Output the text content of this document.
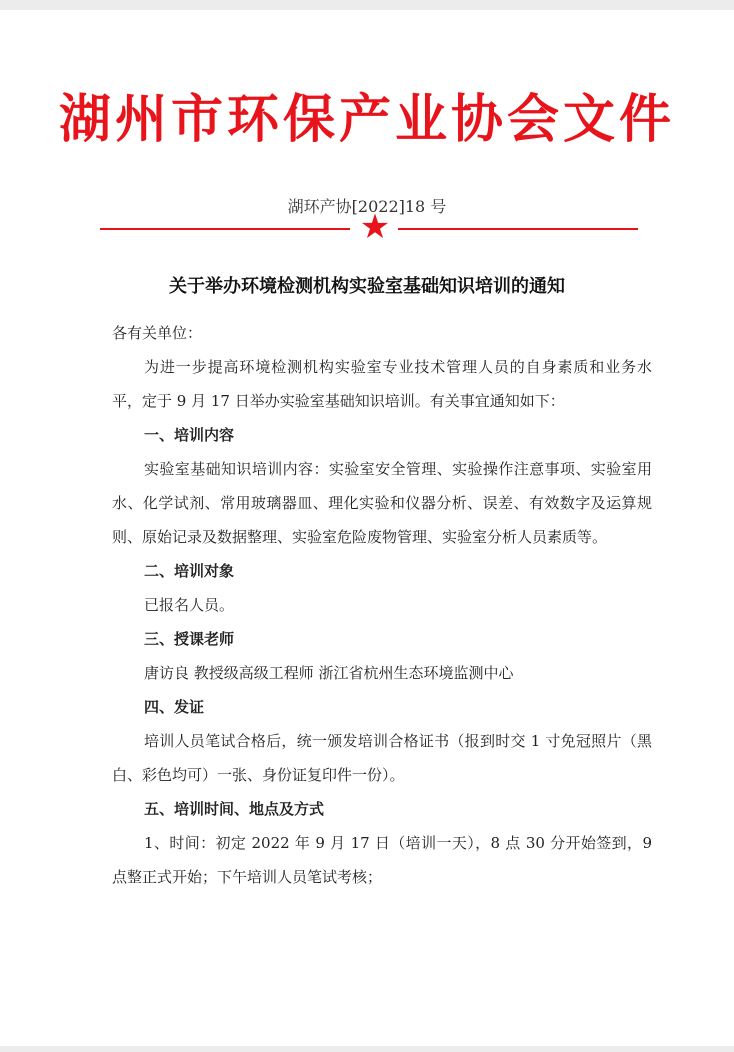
湖州市环保产业协会文件
湖环产协[2022]18 号
★
关于举办环境检测机构实验室基础知识培训的通知

各有关单位：

为进一步提高环境检测机构实验室专业技术管理人员的自身素质和业务水平，定于 9 月 17 日举办实验室基础知识培训。有关事宜通知如下：

一、培训内容

实验室基础知识培训内容：实验室安全管理、实验操作注意事项、实验室用水、化学试剂、常用玻璃器皿、理化实验和仪器分析、误差、有效数字及运算规则、原始记录及数据整理、实验室危险废物管理、实验室分析人员素质等。

二、培训对象

已报名人员。

三、授课老师

唐访良 教授级高级工程师 浙江省杭州生态环境监测中心

四、发证

培训人员笔试合格后，统一颁发培训合格证书（报到时交 1 寸免冠照片（黑白、彩色均可）一张、身份证复印件一份）。

五、培训时间、地点及方式

1、时间：初定 2022 年 9 月 17 日（培训一天），8 点 30 分开始签到，9 点整正式开始；下午培训人员笔试考核；
